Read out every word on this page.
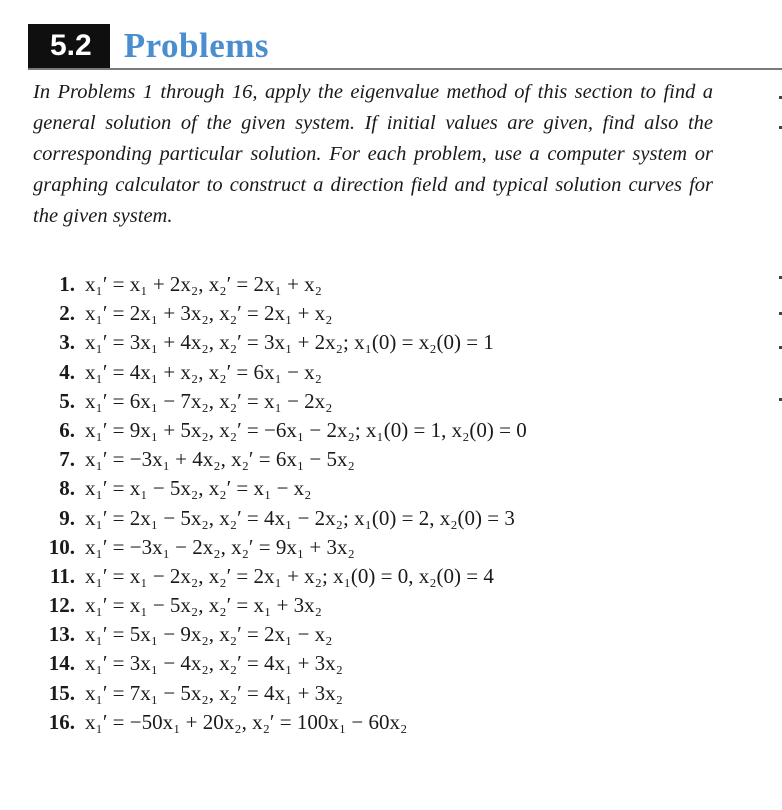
5.2 Problems

In Problems 1 through 16, apply the eigenvalue method of this section to find a general solution of the given system. If initial values are given, find also the corresponding particular solution. For each problem, use a computer system or graphing calculator to construct a direction field and typical solution curves for the given system.

1. x₁′ = x₁ + 2x₂, x₂′ = 2x₁ + x₂
2. x₁′ = 2x₁ + 3x₂, x₂′ = 2x₁ + x₂
3. x₁′ = 3x₁ + 4x₂, x₂′ = 3x₁ + 2x₂; x₁(0) = x₂(0) = 1
4. x₁′ = 4x₁ + x₂, x₂′ = 6x₁ − x₂
5. x₁′ = 6x₁ − 7x₂, x₂′ = x₁ − 2x₂
6. x₁′ = 9x₁ + 5x₂, x₂′ = −6x₁ − 2x₂; x₁(0) = 1, x₂(0) = 0
7. x₁′ = −3x₁ + 4x₂, x₂′ = 6x₁ − 5x₂
8. x₁′ = x₁ − 5x₂, x₂′ = x₁ − x₂
9. x₁′ = 2x₁ − 5x₂, x₂′ = 4x₁ − 2x₂; x₁(0) = 2, x₂(0) = 3
10. x₁′ = −3x₁ − 2x₂, x₂′ = 9x₁ + 3x₂
11. x₁′ = x₁ − 2x₂, x₂′ = 2x₁ + x₂; x₁(0) = 0, x₂(0) = 4
12. x₁′ = x₁ − 5x₂, x₂′ = x₁ + 3x₂
13. x₁′ = 5x₁ − 9x₂, x₂′ = 2x₁ − x₂
14. x₁′ = 3x₁ − 4x₂, x₂′ = 4x₁ + 3x₂
15. x₁′ = 7x₁ − 5x₂, x₂′ = 4x₁ + 3x₂
16. x₁′ = −50x₁ + 20x₂, x₂′ = 100x₁ − 60x₂
